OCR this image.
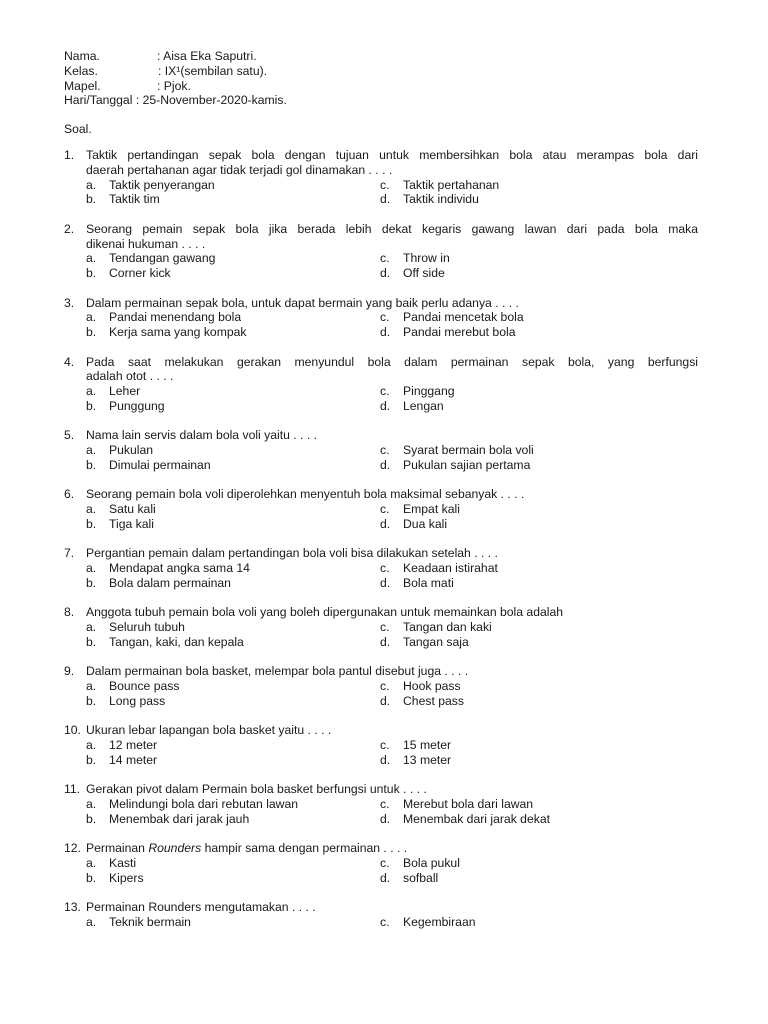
Nama.	: Aisa Eka Saputri.
Kelas.	: IX¹(sembilan satu).
Mapel.	: Pjok.
Hari/Tanggal : 25-November-2020-kamis.
Soal.
1. Taktik pertandingan sepak bola dengan tujuan untuk membersihkan bola atau merampas bola dari
daerah pertahanan agar tidak terjadi gol dinamakan . . . .
a.	Taktik penyerangan	c.	Taktik pertahanan
b.	Taktik tim	d.	Taktik individu
2. Seorang pemain sepak bola jika berada lebih dekat kegaris gawang lawan dari pada bola maka
dikenai hukuman . . . .
a.	Tendangan gawang	c.	Throw in
b.	Corner kick	d.	Off side
3. Dalam permainan sepak bola, untuk dapat bermain yang baik perlu adanya . . . .
a.	Pandai menendang bola	c.	Pandai mencetak bola
b.	Kerja sama yang kompak	d.	Pandai merebut bola
4. Pada saat melakukan gerakan menyundul bola dalam permainan sepak bola, yang berfungsi
adalah otot . . . .
a.	Leher	c.	Pinggang
b.	Punggung	d.	Lengan
5. Nama lain servis dalam bola voli yaitu . . . .
a.	Pukulan	c.	Syarat bermain bola voli
b.	Dimulai permainan	d.	Pukulan sajian pertama
6. Seorang pemain bola voli diperolehkan menyentuh bola maksimal sebanyak . . . .
a.	Satu kali	c.	Empat kali
b.	Tiga kali	d.	Dua kali
7. Pergantian pemain dalam pertandingan bola voli bisa dilakukan setelah . . . .
a.	Mendapat angka sama 14	c.	Keadaan istirahat
b.	Bola dalam permainan	d.	Bola mati
8. Anggota tubuh pemain bola voli yang boleh dipergunakan untuk memainkan bola adalah
a.	Seluruh tubuh	c.	Tangan dan kaki
b.	Tangan, kaki, dan kepala	d.	Tangan saja
9. Dalam permainan bola basket, melempar bola pantul disebut juga . . . .
a.	Bounce pass	c.	Hook pass
b.	Long pass	d.	Chest pass
10. Ukuran lebar lapangan bola basket yaitu . . . .
a.	12 meter	c.	15 meter
b.	14 meter	d.	13 meter
11. Gerakan pivot dalam Permain bola basket berfungsi untuk . . . .
a.	Melindungi bola dari rebutan lawan	c.	Merebut bola dari lawan
b.	Menembak dari jarak jauh	d.	Menembak dari jarak dekat
12. Permainan Rounders hampir sama dengan permainan . . . .
a.	Kasti	c.	Bola pukul
b.	Kipers	d.	sofball
13. Permainan Rounders mengutamakan . . . .
a.	Teknik bermain	c.	Kegembiraan
